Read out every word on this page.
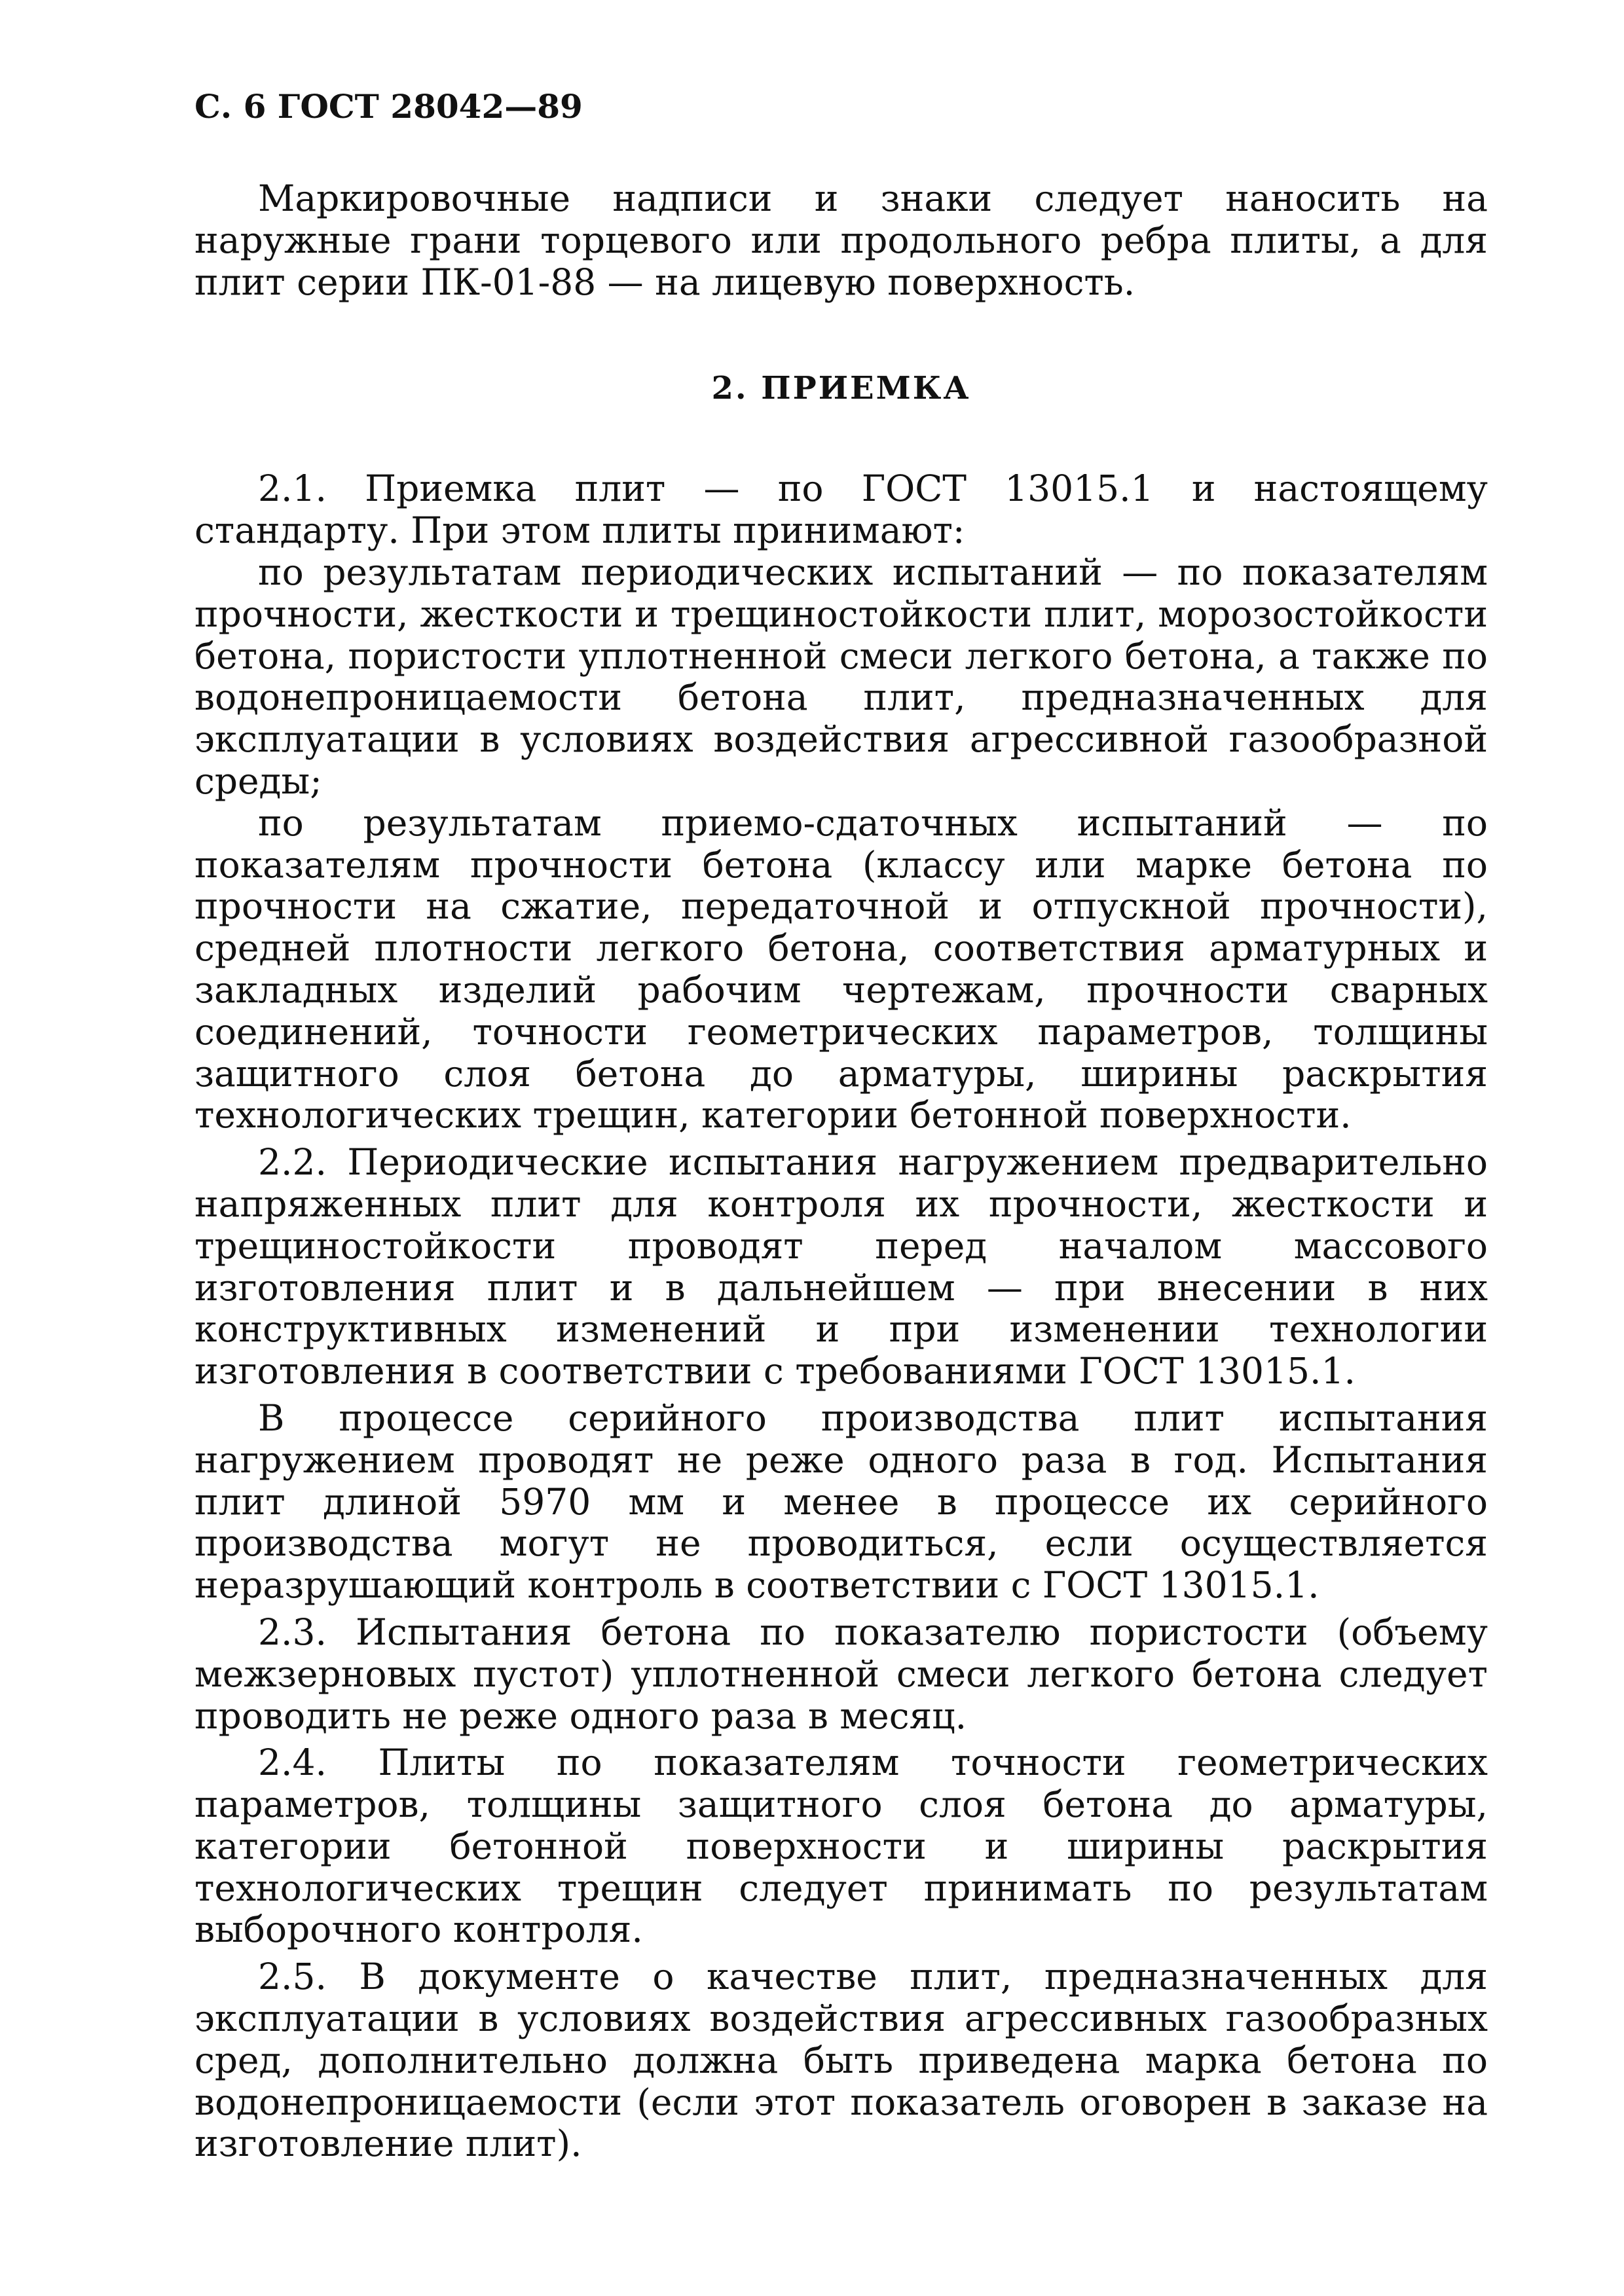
С. 6 ГОСТ 28042—89

Маркировочные надписи и знаки следует наносить на наружные грани торцевого или продольного ребра плиты, а для плит серии ПК-01-88 — на лицевую поверхность.

2. ПРИЕМКА

2.1. Приемка плит — по ГОСТ 13015.1 и настоящему стандарту. При этом плиты принимают:

по результатам периодических испытаний — по показателям прочности, жесткости и трещиностойкости плит, морозостойкости бетона, пористости уплотненной смеси легкого бетона, а также по водонепроницаемости бетона плит, предназначенных для эксплуатации в условиях воздействия агрессивной газообразной среды;

по результатам приемо-сдаточных испытаний — по показателям прочности бетона (классу или марке бетона по прочности на сжатие, передаточной и отпускной прочности), средней плотности легкого бетона, соответствия арматурных и закладных изделий рабочим чертежам, прочности сварных соединений, точности геометрических параметров, толщины защитного слоя бетона до арматуры, ширины раскрытия технологических трещин, категории бетонной поверхности.

2.2. Периодические испытания нагружением предварительно напряженных плит для контроля их прочности, жесткости и трещиностойкости проводят перед началом массового изготовления плит и в дальнейшем — при внесении в них конструктивных изменений и при изменении технологии изготовления в соответствии с требованиями ГОСТ 13015.1.

В процессе серийного производства плит испытания нагружением проводят не реже одного раза в год. Испытания плит длиной 5970 мм и менее в процессе их серийного производства могут не проводиться, если осуществляется неразрушающий контроль в соответствии с ГОСТ 13015.1.

2.3. Испытания бетона по показателю пористости (объему межзерновых пустот) уплотненной смеси легкого бетона следует проводить не реже одного раза в месяц.

2.4. Плиты по показателям точности геометрических параметров, толщины защитного слоя бетона до арматуры, категории бетонной поверхности и ширины раскрытия технологических трещин следует принимать по результатам выборочного контроля.

2.5. В документе о качестве плит, предназначенных для эксплуатации в условиях воздействия агрессивных газообразных сред, дополнительно должна быть приведена марка бетона по водонепроницаемости (если этот показатель оговорен в заказе на изготовление плит).
